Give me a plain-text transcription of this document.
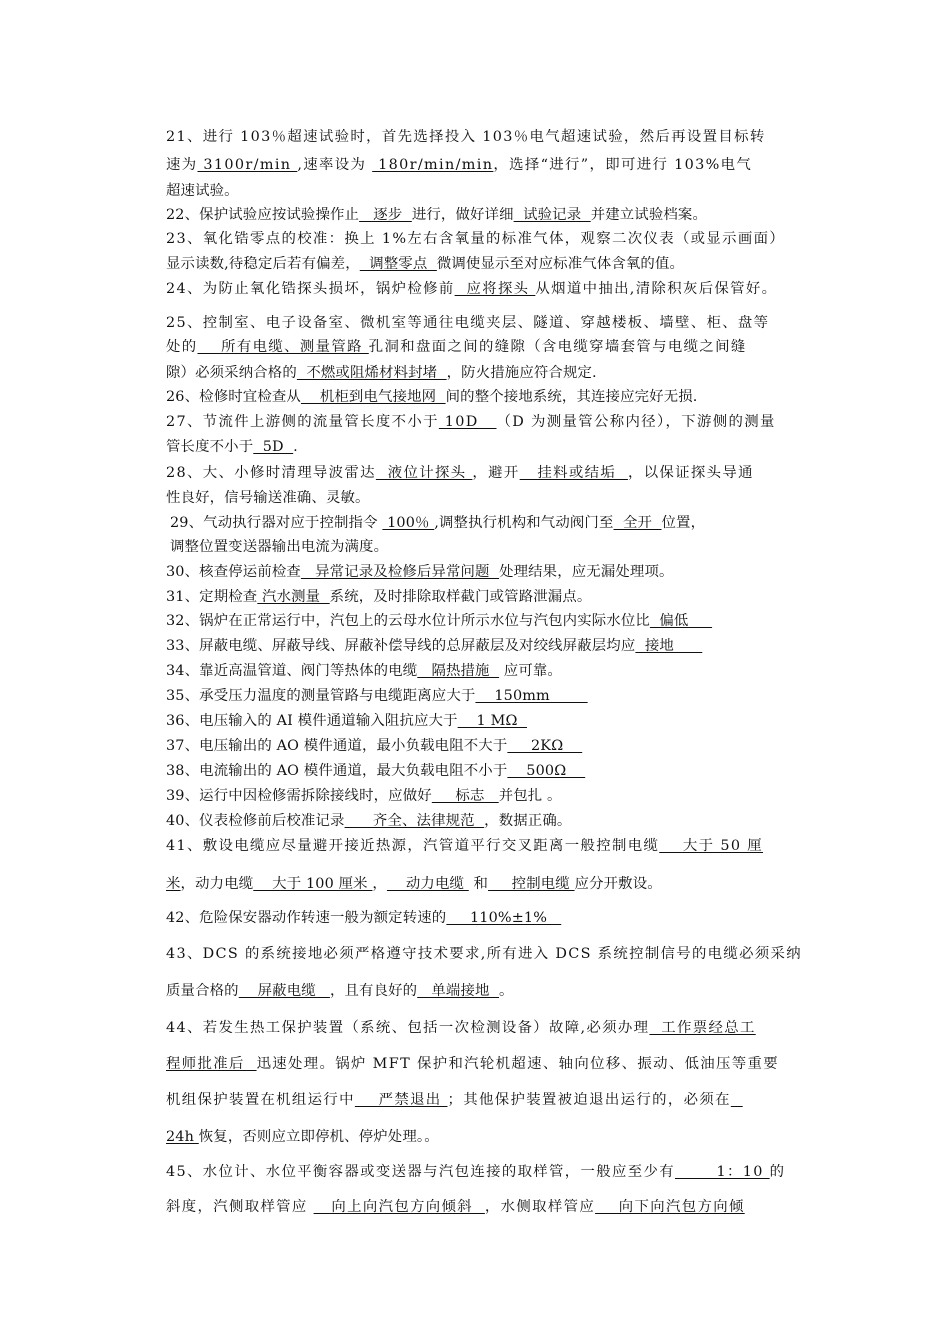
21、进行 103％超速试验时，首先选择投入 103％电气超速试验，然后再设置目标转
速为 3100r/min ,速率设为  180r/min/min，选择“进行”，即可进行 103%电气
超速试验。
22、保护试验应按试验操作止   逐步  进行，做好详细  试验记录  并建立试验档案。
23、氧化锆零点的校准：换上 1%左右含氧量的标准气体，观察二次仪表（或显示画面）
显示读数,待稳定后若有偏差，  调整零点  微调使显示至对应标准气体含氧的值。
24、为防止氧化锆探头损坏，锅炉检修前  应将探头 从烟道中抽出,清除积灰后保管好。
25、控制室、电子设备室、微机室等通往电缆夹层、隧道、穿越楼板、墙壁、柜、盘等
处的    所有电缆、测量管路 孔洞和盘面之间的缝隙（含电缆穿墙套管与电缆之间缝
隙）必须采纳合格的  不燃或阻烯材料封堵  ，防火措施应符合规定.
26、检修时宜检查从    机柜到电气接地网  间的整个接地系统，其连接应完好无损.
27、节流件上游侧的流量管长度不小于 10D   （D 为测量管公称内径），下游侧的测量
管长度不小于  5D  .
28、大、小修时清理导波雷达  液位计探头 ，避开   挂料或结垢  ，以保证探头导通
性良好，信号输送准确、灵敏。
29、气动执行器对应于控制指令  100％ ,调整执行机构和气动阀门至  全开  位置，
调整位置变送器输出电流为满度。
30、核查停运前检查   异常记录及检修后异常问题  处理结果，应无漏处理项。
31、定期检查 汽水测量  系统，及时排除取样截门或管路泄漏点。
32、锅炉在正常运行中，汽包上的云母水位计所示水位与汽包内实际水位比  偏低
33、屏蔽电缆、屏蔽导线、屏蔽补偿导线的总屏蔽层及对绞线屏蔽层均应  接地
34、靠近高温管道、阀门等热体的电缆   隔热措施   应可靠。
35、承受压力温度的测量管路与电缆距离应大于    150mm
36、电压输入的 AI 模件通道输入阻抗应大于    1 MΩ
37、电压输出的 AO 模件通道，最小负载电阻不大于     2KΩ
38、电流输出的 AO 模件通道，最大负载电阻不小于    500Ω
39、运行中因检修需拆除接线时，应做好     标志   并包扎 。
40、仪表检修前后校准记录      齐全、法律规范  ，数据正确。
41、敷设电缆应尽量避开接近热源，汽管道平行交叉距离一般控制电缆    大于 50 厘
米，动力电缆    大于 100 厘米 ，    动力电缆  和     控制电缆 应分开敷设。
42、危险保安器动作转速一般为额定转速的     110%±1%
43、DCS 的系统接地必须严格遵守技术要求,所有进入 DCS 系统控制信号的电缆必须采纳
质量合格的    屏蔽电缆   ，且有良好的   单端接地  。
44、若发生热工保护装置（系统、包括一次检测设备）故障,必须办理  工作票经总工
程师批准后  迅速处理。锅炉 MFT 保护和汽轮机超速、轴向位移、振动、低油压等重要
机组保护装置在机组运行中    严禁退出 ；其他保护装置被迫退出运行的，必须在
24h 恢复，否则应立即停机、停炉处理。。
45、水位计、水位平衡容器或变送器与汽包连接的取样管，一般应至少有       1：10 的
斜度，汽侧取样管应    向上向汽包方向倾斜  ，水侧取样管应    向下向汽包方向倾
